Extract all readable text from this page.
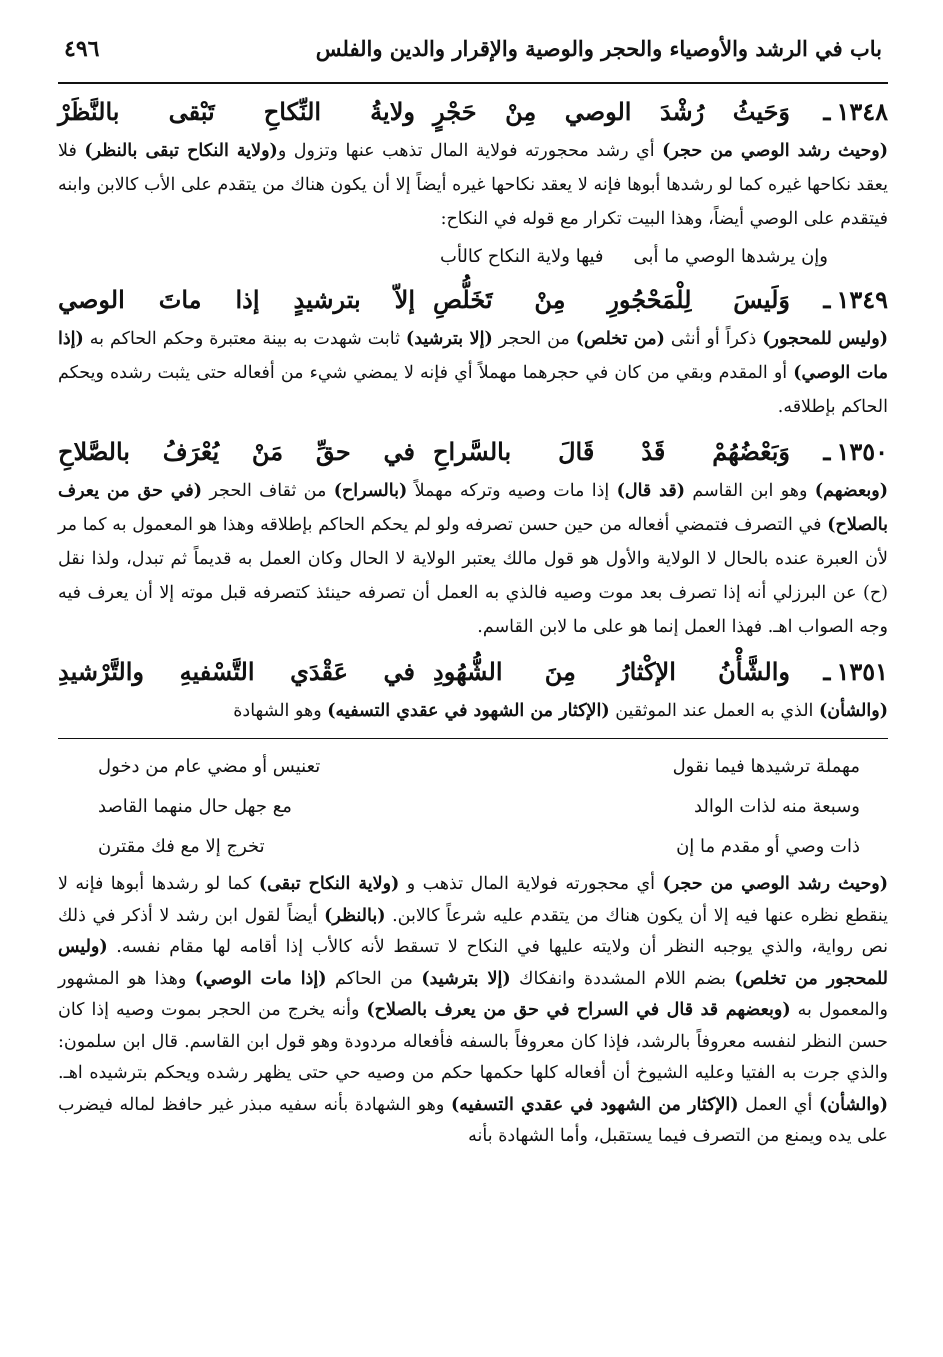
باب في الرشد والأوصياء والحجر والوصية والإقرار والدين والفلس
٤٩٦
١٣٤٨ـ
وَحَيثُ رُشْدَ الوصي مِنْ حَجْرٍ
ولايةُ النِّكاحِ تَبْقى بالنَّظَرْ

(وحيث رشد الوصي من حجر) أي رشد محجورته فولاية المال تذهب عنها وتزول و(ولاية النكاح تبقى بالنظر) فلا يعقد نكاحها غيره كما لو رشدها أبوها فإنه لا يعقد نكاحها غيره أيضاً إلا أن يكون هناك من يتقدم على الأب كالابن وابنه فيتقدم على الوصي أيضاً، وهذا البيت تكرار مع قوله في النكاح:

وإن يرشدها الوصي ما أبى
فيها ولاية النكاح كالأب
١٣٤٩ـ
وَلَيسَ لِلْمَحْجُورِ مِنْ تَخَلُّصِ
إلاّ بترشيدٍ إذا ماتَ الوصي

(وليس للمحجور) ذكراً أو أنثى (من تخلص) من الحجر (إلا بترشيد) ثابت شهدت به بينة معتبرة وحكم الحاكم به (إذا مات الوصي) أو المقدم وبقي من كان في حجرهما مهملاً أي فإنه لا يمضي شيء من أفعاله حتى يثبت رشده ويحكم الحاكم بإطلاقه.

١٣٥٠ـ
وَبَعْضُهُمْ قَدْ قَالَ بالسَّراحِ
في حقِّ مَنْ يُعْرَفُ بالصَّلاحِ

(وبعضهم) وهو ابن القاسم (قد قال) إذا مات وصيه وتركه مهملاً (بالسراح) من ثقاف الحجر (في حق من يعرف بالصلاح) في التصرف فتمضي أفعاله من حين حسن تصرفه ولو لم يحكم الحاكم بإطلاقه وهذا هو المعمول به كما مر لأن العبرة عنده بالحال لا الولاية والأول هو قول مالك يعتبر الولاية لا الحال وكان العمل به قديماً ثم تبدل، ولذا نقل (ح) عن البرزلي أنه إذا تصرف بعد موت وصيه فالذي به العمل أن تصرفه حينئذ كتصرفه قبل موته إلا أن يعرف فيه وجه الصواب اهـ. فهذا العمل إنما هو على ما لابن القاسم.

١٣٥١ـ
والشَّأْنُ الإكْثارُ مِنَ الشُّهُودِ
في عَقْدَي التَّسْفيهِ والتَّرْشيدِ

(والشأن) الذي به العمل عند الموثقين (الإكثار من الشهود في عقدي التسفيه) وهو الشهادة

مهملة ترشيدها فيما نقول
تعنيس أو مضي عام من دخول
وسبعة منه لذات الوالد
مع جهل حال منهما القاصد
ذات وصي أو مقدم ما إن
تخرج إلا مع فك مقترن

(وحيث رشد الوصي من حجر) أي محجورته فولاية المال تذهب و (ولاية النكاح تبقى) كما لو رشدها أبوها فإنه لا ينقطع نظره عنها فيه إلا أن يكون هناك من يتقدم عليه شرعاً كالابن. (بالنظر) أيضاً لقول ابن رشد لا أذكر في ذلك نص رواية، والذي يوجبه النظر أن ولايته عليها في النكاح لا تسقط لأنه كالأب إذا أقامه لها مقام نفسه. (وليس للمحجور من تخلص) بضم اللام المشددة وانفكاك (إلا بترشيد) من الحاكم (إذا مات الوصي) وهذا هو المشهور والمعمول به (وبعضهم قد قال في السراح في حق من يعرف بالصلاح) وأنه يخرج من الحجر بموت وصيه إذا كان حسن النظر لنفسه معروفاً بالرشد، فإذا كان معروفاً بالسفه فأفعاله مردودة وهو قول ابن القاسم. قال ابن سلمون: والذي جرت به الفتيا وعليه الشيوخ أن أفعاله كلها حكمها حكم من وصيه حي حتى يظهر رشده ويحكم بترشيده اهـ. (والشأن) أي العمل (الإكثار من الشهود في عقدي التسفيه) وهو الشهادة بأنه سفيه مبذر غير حافظ لماله فيضرب على يده ويمنع من التصرف فيما يستقبل، وأما الشهادة بأنه
